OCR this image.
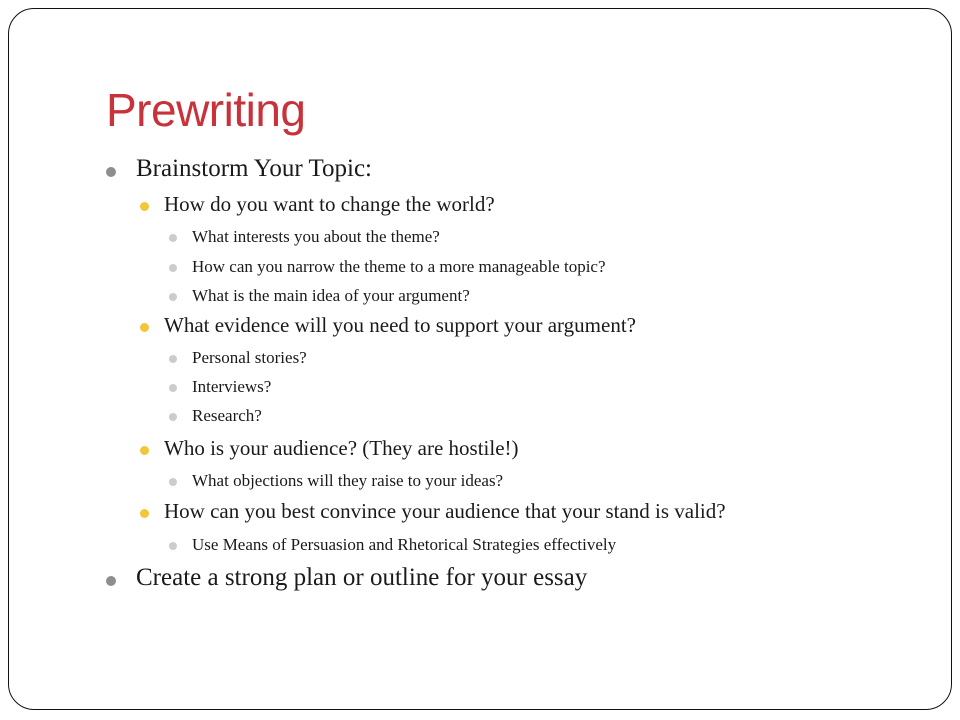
Prewriting
Brainstorm Your Topic:
How do you want to change the world?
What interests you about the theme?
How can you narrow the theme to a more manageable topic?
What is the main idea of your argument?
What evidence will you need to support your argument?
Personal stories?
Interviews?
Research?
Who is your audience? (They are hostile!)
What objections will they raise to your ideas?
How can you best convince your audience that your stand is valid?
Use Means of Persuasion and Rhetorical Strategies effectively
Create a strong plan or outline for your essay
